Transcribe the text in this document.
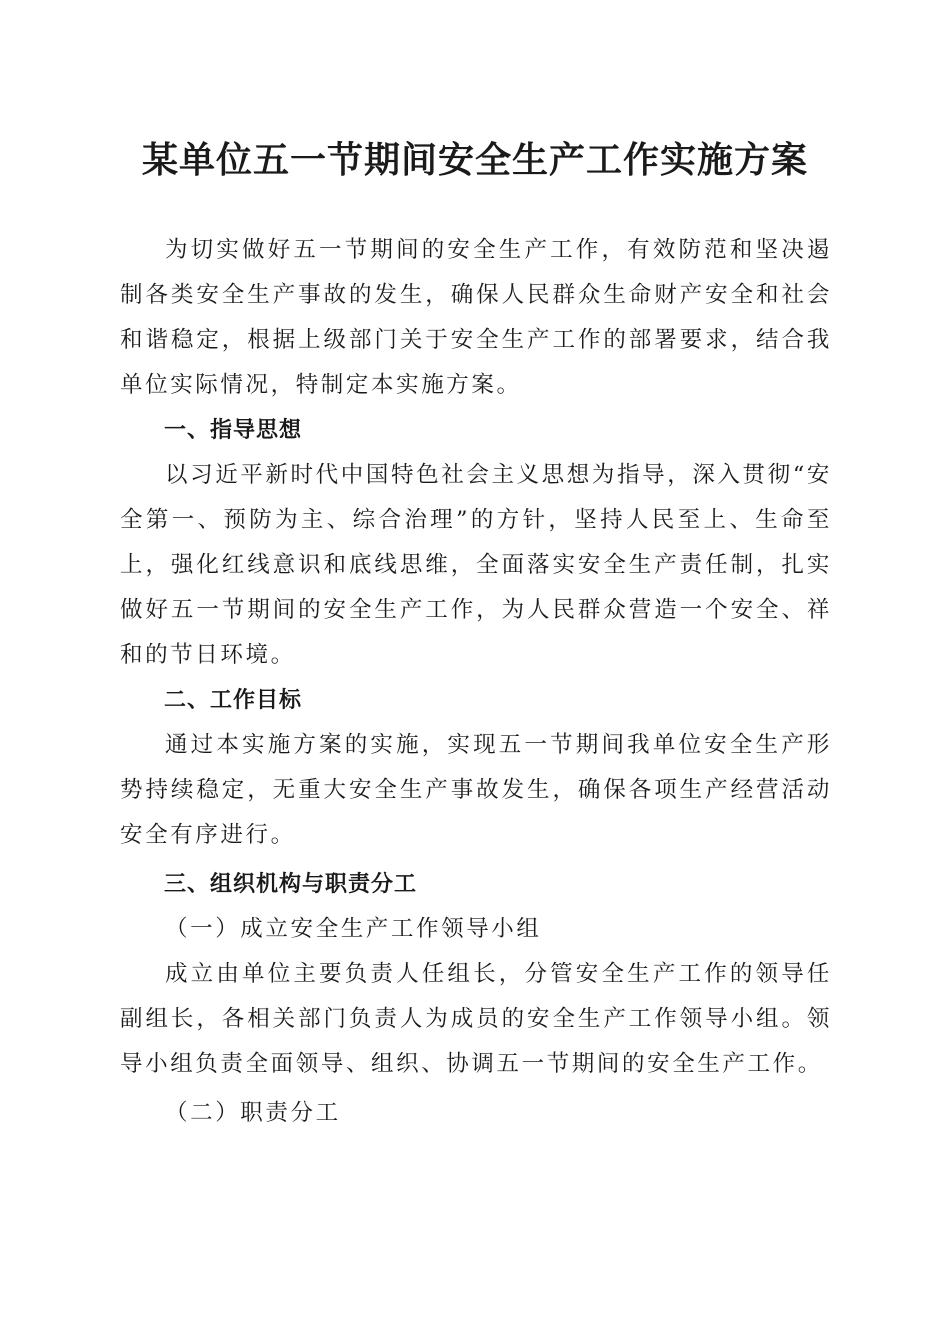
某单位五一节期间安全生产工作实施方案

为切实做好五一节期间的安全生产工作，有效防范和坚决遏制各类安全生产事故的发生，确保人民群众生命财产安全和社会和谐稳定，根据上级部门关于安全生产工作的部署要求，结合我单位实际情况，特制定本实施方案。

一、指导思想

以习近平新时代中国特色社会主义思想为指导，深入贯彻“安全第一、预防为主、综合治理”的方针，坚持人民至上、生命至上，强化红线意识和底线思维，全面落实安全生产责任制，扎实做好五一节期间的安全生产工作，为人民群众营造一个安全、祥和的节日环境。

二、工作目标

通过本实施方案的实施，实现五一节期间我单位安全生产形势持续稳定，无重大安全生产事故发生，确保各项生产经营活动安全有序进行。

三、组织机构与职责分工

（一）成立安全生产工作领导小组

成立由单位主要负责人任组长，分管安全生产工作的领导任副组长，各相关部门负责人为成员的安全生产工作领导小组。领导小组负责全面领导、组织、协调五一节期间的安全生产工作。

（二）职责分工
